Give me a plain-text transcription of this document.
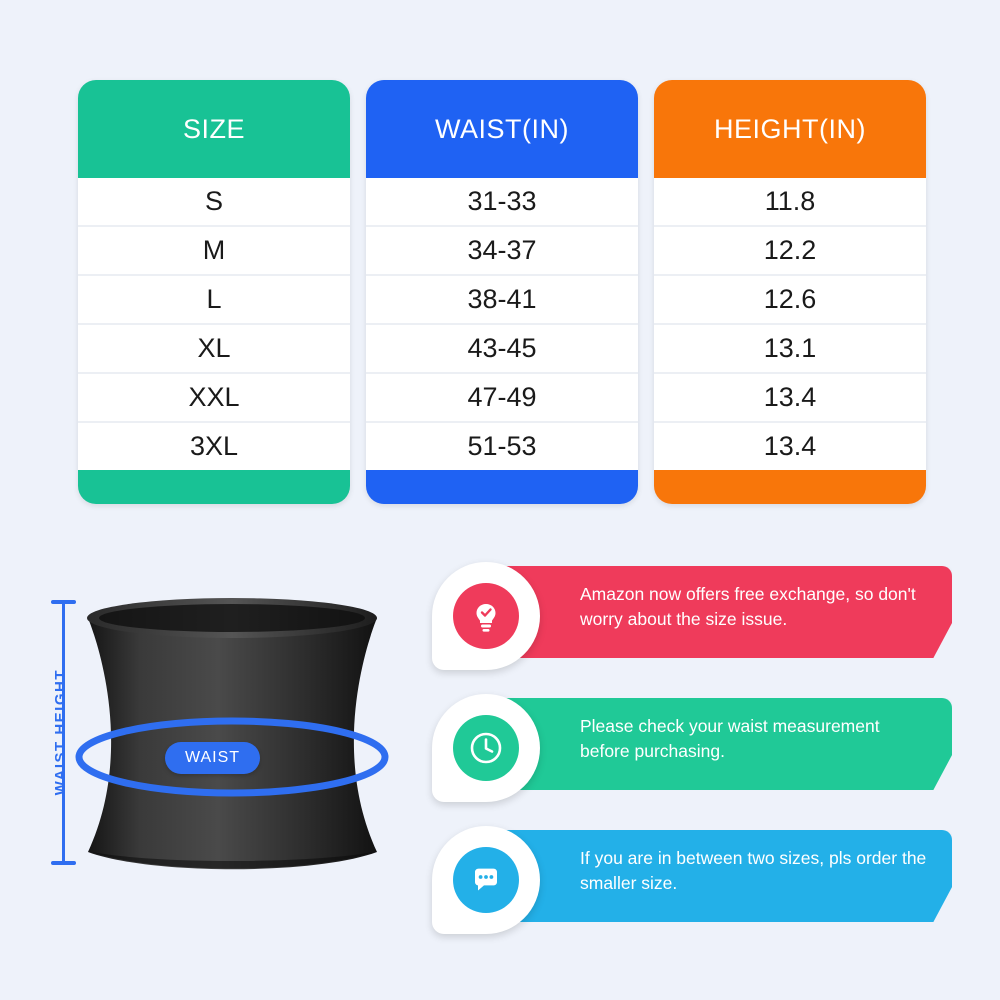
SIZE
S
M
L
XL
XXL
3XL
WAIST(IN)
31-33
34-37
38-41
43-45
47-49
51-53
HEIGHT(IN)
11.8
12.2
12.6
13.1
13.4
13.4
WAIST HEIGHT	WAIST
Amazon now offers free exchange, so don't worry about the size issue.
Please check your waist measurement before purchasing.
If you are in between two sizes, pls order the smaller size.
